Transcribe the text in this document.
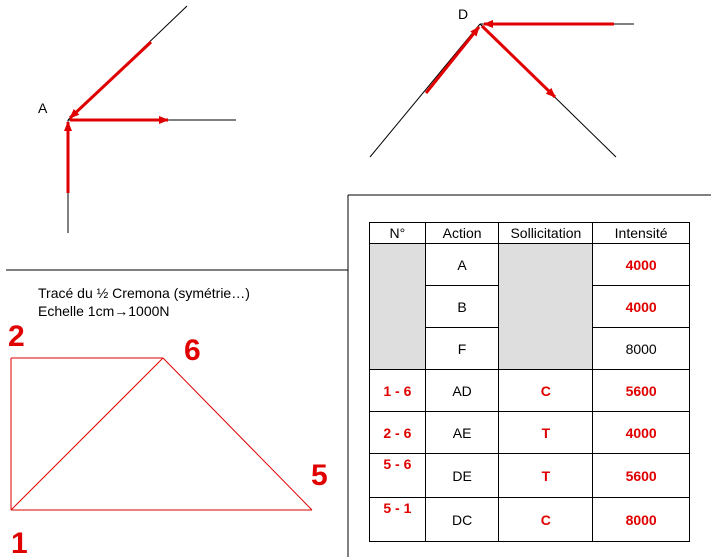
A
D
2	6
5
1
Tracé du ½ Cremona (symétrie…)
Echelle 1cm→1000N
N°	Action	Sollicitation	Intensité
	A		4000
	B		4000
	F		8000
1 - 6	AD	C	5600
2 - 6	AE	T	4000
5 - 6	DE	T	5600
5 - 1	DC	C	8000
